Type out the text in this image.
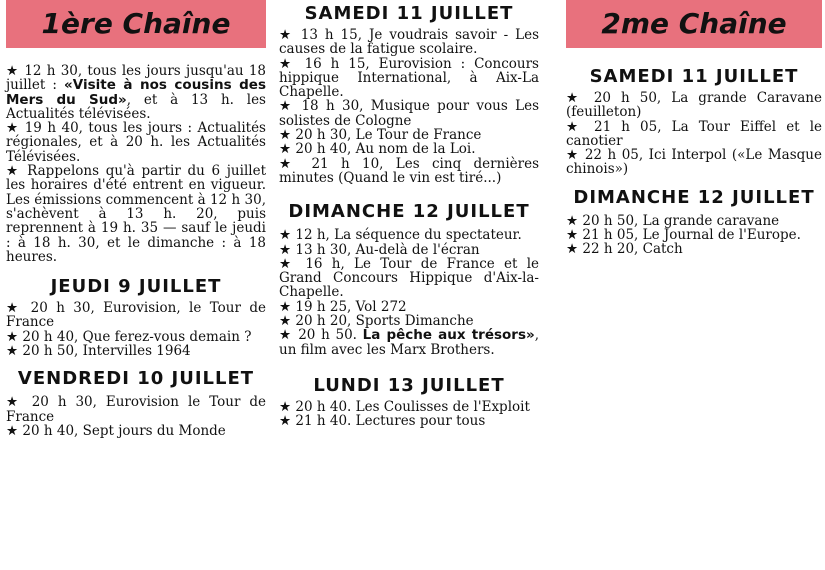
1ère Chaîne

★ 12 h 30, tous les jours jusqu'au 18 juillet : «Visite à nos cousins des Mers du Sud», et à 13 h. les Actualités télévisées.

★ 19 h 40, tous les jours : Actualités régionales, et à 20 h. les Actualités Télévisées.

★ Rappelons qu'à partir du 6 juillet les horaires d'été entrent en vigueur. Les émissions commencent à 12 h 30, s'achèvent à 13 h. 20, puis reprennent à 19 h. 35 — sauf le jeudi : à 18 h. 30, et le dimanche : à 18 heures.

JEUDI 9 JUILLET

★ 20 h 30, Eurovision, le Tour de France

★ 20 h 40, Que ferez-vous demain ?

★ 20 h 50, Intervilles 1964

VENDREDI 10 JUILLET

★ 20 h 30, Eurovision le Tour de France

★ 20 h 40, Sept jours du Monde

SAMEDI 11 JUILLET

★ 13 h 15, Je voudrais savoir - Les causes de la fatigue scolaire.

★ 16 h 15, Eurovision : Concours hippique International, à Aix-La Chapelle.

★ 18 h 30, Musique pour vous Les solistes de Cologne

★ 20 h 30, Le Tour de France

★ 20 h 40, Au nom de la Loi.

★ 21 h 10, Les cinq dernières minutes (Quand le vin est tiré...)

DIMANCHE 12 JUILLET

★ 12 h, La séquence du spectateur.

★ 13 h 30, Au-delà de l'écran

★ 16 h, Le Tour de France et le Grand Concours Hippique d'Aix-la-Chapelle.

★ 19 h 25, Vol 272

★ 20 h 20, Sports Dimanche

★ 20 h 50. La pêche aux trésors», un film avec les Marx Brothers.

LUNDI 13 JUILLET

★ 20 h 40. Les Coulisses de l'Exploit

★ 21 h 40. Lectures pour tous

2me Chaîne
SAMEDI 11 JUILLET

★ 20 h 50, La grande Caravane (feuilleton)

★ 21 h 05, La Tour Eiffel et le canotier

★ 22 h 05, Ici Interpol («Le Masque chinois»)

DIMANCHE 12 JUILLET

★ 20 h 50, La grande caravane

★ 21 h 05, Le Journal de l'Europe.

★ 22 h 20, Catch
